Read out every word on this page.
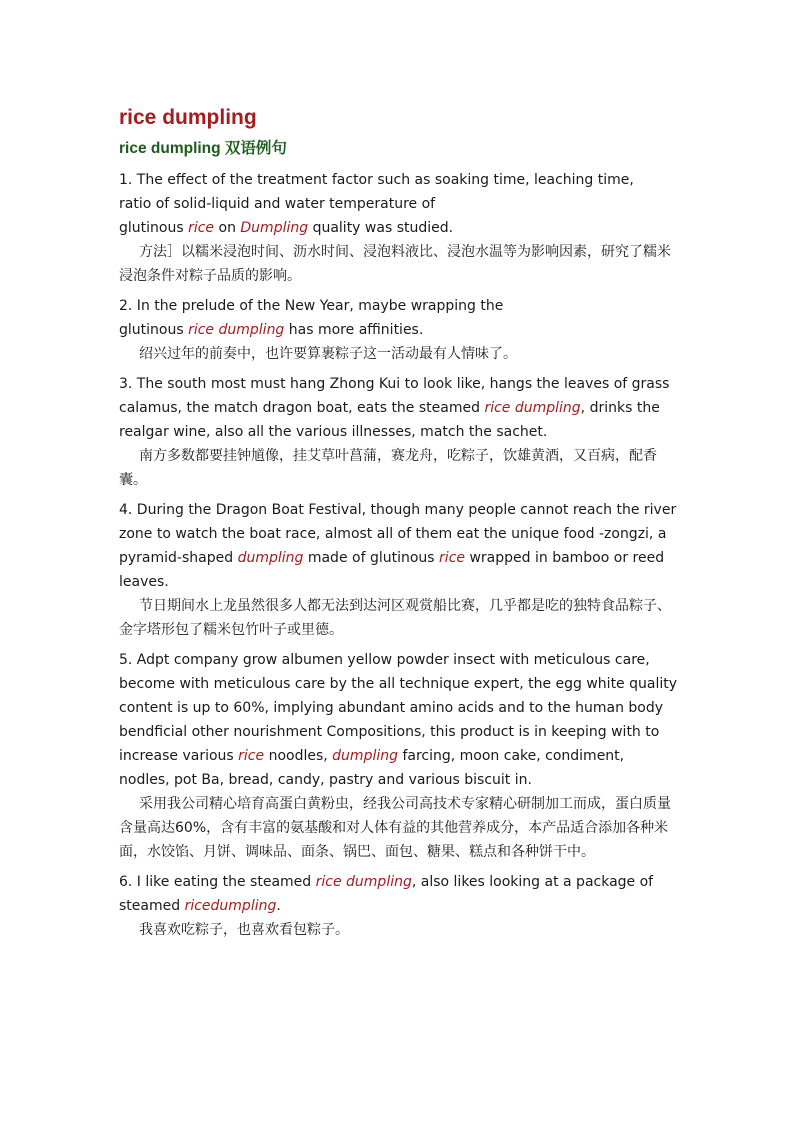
rice dumpling
rice dumpling 双语例句

1. The effect of the treatment factor such as soaking time, leaching time,
ratio of solid-liquid and water temperature of
glutinous rice on Dumpling quality was studied.

方法］以糯米浸泡时间、沥水时间、浸泡料液比、浸泡水温等为影响因素，研究了糯米浸泡条件对粽子品质的影响。

2. In the prelude of the New Year, maybe wrapping the
glutinous rice dumpling has more affinities.

绍兴过年的前奏中，也许要算裹粽子这一活动最有人情味了。

3. The south most must hang Zhong Kui to look like, hangs the leaves of grass calamus, the match dragon boat, eats the steamed rice dumpling, drinks the realgar wine, also all the various illnesses, match the sachet.

南方多数都要挂钟馗像，挂艾草叶菖蒲，赛龙舟，吃粽子，饮雄黄酒，又百病，配香囊。

4. During the Dragon Boat Festival, though many people cannot reach the river zone to watch the boat race, almost all of them eat the unique food -zongzi, a pyramid-shaped dumpling made of glutinous rice wrapped in bamboo or reed leaves.

节日期间水上龙虽然很多人都无法到达河区观赏船比赛，几乎都是吃的独特食品粽子、金字塔形包了糯米包竹叶子或里德。

5. Adpt company grow albumen yellow powder insect with meticulous care, become with meticulous care by the all technique expert, the egg white quality content is up to 60%, implying abundant amino acids and to the human body bendficial other nourishment Compositions, this product is in keeping with to increase various rice noodles, dumpling farcing, moon cake, condiment, nodles, pot Ba, bread, candy, pastry and various biscuit in.

采用我公司精心培育高蛋白黄粉虫，经我公司高技术专家精心研制加工而成，蛋白质量含量高达60%，含有丰富的氨基酸和对人体有益的其他营养成分，本产品适合添加各种米面，水饺馅、月饼、调味品、面条、锅巴、面包、糖果、糕点和各种饼干中。

6. I like eating the steamed rice dumpling, also likes looking at a package of steamed ricedumpling.

我喜欢吃粽子，也喜欢看包粽子。
